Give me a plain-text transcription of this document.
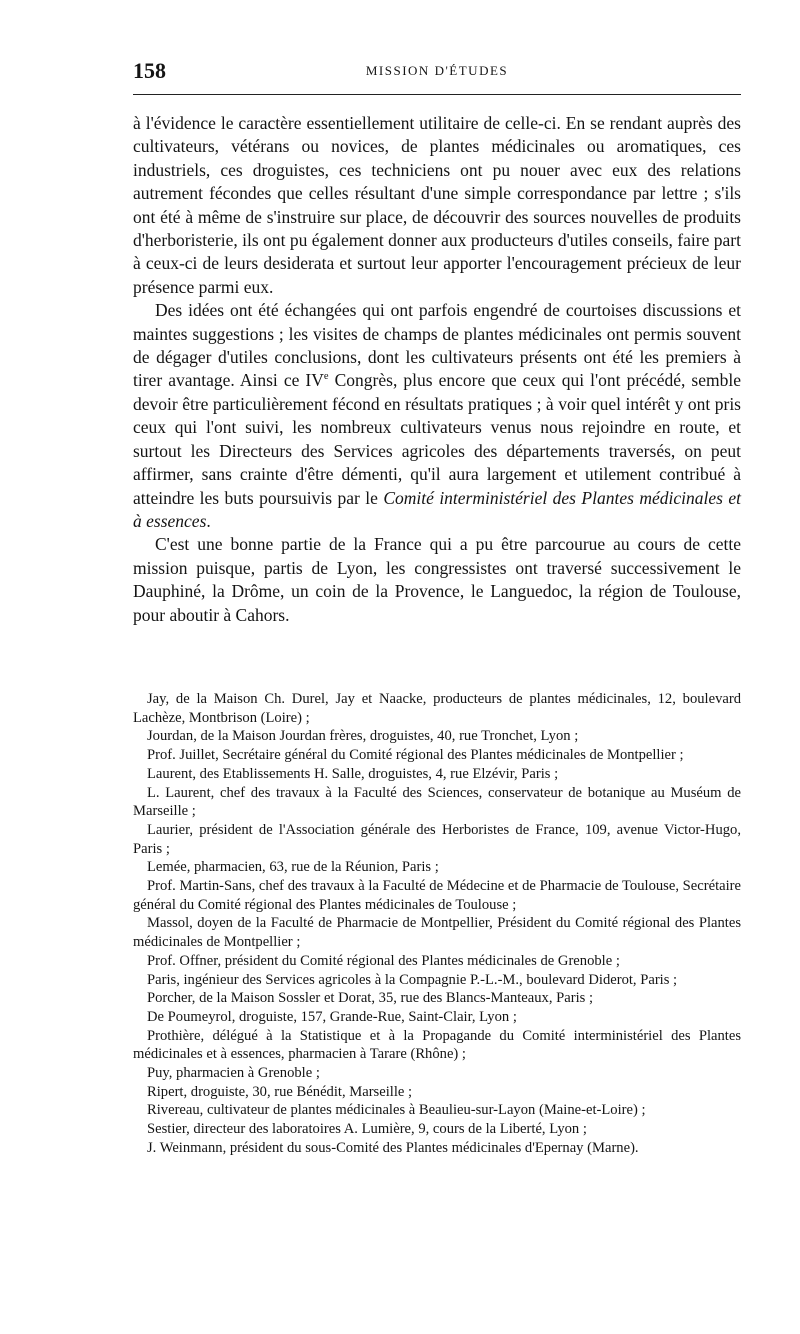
158	MISSION D'ÉTUDES

à l'évidence le caractère essentiellement utilitaire de celle-ci. En se rendant auprès des cultivateurs, vétérans ou novices, de plantes médicinales ou aromatiques, ces industriels, ces droguistes, ces techniciens ont pu nouer avec eux des relations autrement fécondes que celles résultant d'une simple correspondance par lettre ; s'ils ont été à même de s'instruire sur place, de découvrir des sources nouvelles de produits d'herboristerie, ils ont pu également donner aux producteurs d'utiles conseils, faire part à ceux-ci de leurs desiderata et surtout leur apporter l'encouragement précieux de leur présence parmi eux.

Des idées ont été échangées qui ont parfois engendré de courtoises discussions et maintes suggestions ; les visites de champs de plantes médicinales ont permis souvent de dégager d'utiles conclusions, dont les cultivateurs présents ont été les premiers à tirer avantage. Ainsi ce IVe Congrès, plus encore que ceux qui l'ont précédé, semble devoir être particulièrement fécond en résultats pratiques ; à voir quel intérêt y ont pris ceux qui l'ont suivi, les nombreux cultivateurs venus nous rejoindre en route, et surtout les Directeurs des Services agricoles des départements traversés, on peut affirmer, sans crainte d'être démenti, qu'il aura largement et utilement contribué à atteindre les buts poursuivis par le Comité interministériel des Plantes médicinales et à essences.

C'est une bonne partie de la France qui a pu être parcourue au cours de cette mission puisque, partis de Lyon, les congressistes ont traversé successivement le Dauphiné, la Drôme, un coin de la Provence, le Languedoc, la région de Toulouse, pour aboutir à Cahors.

Jay, de la Maison Ch. Durel, Jay et Naacke, producteurs de plantes médicinales, 12, boulevard Lachèze, Montbrison (Loire) ;

Jourdan, de la Maison Jourdan frères, droguistes, 40, rue Tronchet, Lyon ;

Prof. Juillet, Secrétaire général du Comité régional des Plantes médicinales de Montpellier ;

Laurent, des Etablissements H. Salle, droguistes, 4, rue Elzévir, Paris ;

L. Laurent, chef des travaux à la Faculté des Sciences, conservateur de botanique au Muséum de Marseille ;

Laurier, président de l'Association générale des Herboristes de France, 109, avenue Victor-Hugo, Paris ;

Lemée, pharmacien, 63, rue de la Réunion, Paris ;

Prof. Martin-Sans, chef des travaux à la Faculté de Médecine et de Pharmacie de Toulouse, Secrétaire général du Comité régional des Plantes médicinales de Toulouse ;

Massol, doyen de la Faculté de Pharmacie de Montpellier, Président du Comité régional des Plantes médicinales de Montpellier ;

Prof. Offner, président du Comité régional des Plantes médicinales de Grenoble ;

Paris, ingénieur des Services agricoles à la Compagnie P.-L.-M., boulevard Diderot, Paris ;

Porcher, de la Maison Sossler et Dorat, 35, rue des Blancs-Manteaux, Paris ;

De Poumeyrol, droguiste, 157, Grande-Rue, Saint-Clair, Lyon ;

Prothière, délégué à la Statistique et à la Propagande du Comité interministériel des Plantes médicinales et à essences, pharmacien à Tarare (Rhône) ;

Puy, pharmacien à Grenoble ;

Ripert, droguiste, 30, rue Bénédit, Marseille ;

Rivereau, cultivateur de plantes médicinales à Beaulieu-sur-Layon (Maine-et-Loire) ;

Sestier, directeur des laboratoires A. Lumière, 9, cours de la Liberté, Lyon ;

J. Weinmann, président du sous-Comité des Plantes médicinales d'Epernay (Marne).
